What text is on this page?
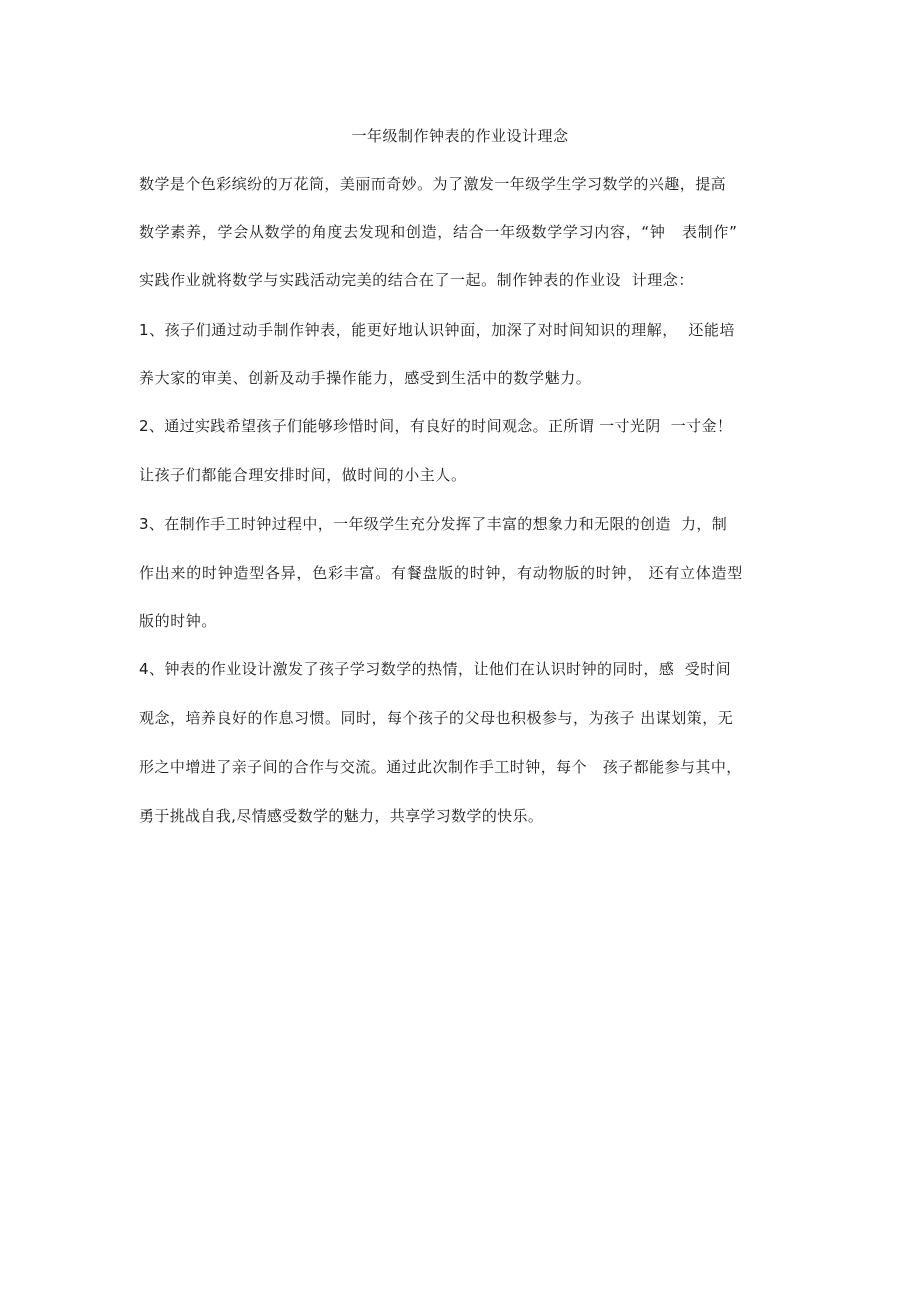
一年级制作钟表的作业设计理念
数学是个色彩缤纷的万花筒，美丽而奇妙。为了激发一年级学生学习数学的兴趣，提高
数学素养，学会从数学的角度去发现和创造，结合一年级数学学习内容，“钟   表制作”
实践作业就将数学与实践活动完美的结合在了一起。制作钟表的作业设  计理念：
1、孩子们通过动手制作钟表，能更好地认识钟面，加深了对时间知识的理解，  还能培
养大家的审美、创新及动手操作能力，感受到生活中的数学魅力。
2、通过实践希望孩子们能够珍惜时间，有良好的时间观念。正所谓 一寸光阴  一寸金！
让孩子们都能合理安排时间，做时间的小主人。
3、在制作手工时钟过程中，一年级学生充分发挥了丰富的想象力和无限的创造  力，制
作出来的时钟造型各异，色彩丰富。有餐盘版的时钟，有动物版的时钟， 还有立体造型
版的时钟。
4、钟表的作业设计激发了孩子学习数学的热情，让他们在认识时钟的同时，感  受时间
观念，培养良好的作息习惯。同时，每个孩子的父母也积极参与，为孩子 出谋划策，无
形之中增进了亲子间的合作与交流。通过此次制作手工时钟，每个   孩子都能参与其中，
勇于挑战自我,尽情感受数学的魅力，共享学习数学的快乐。
